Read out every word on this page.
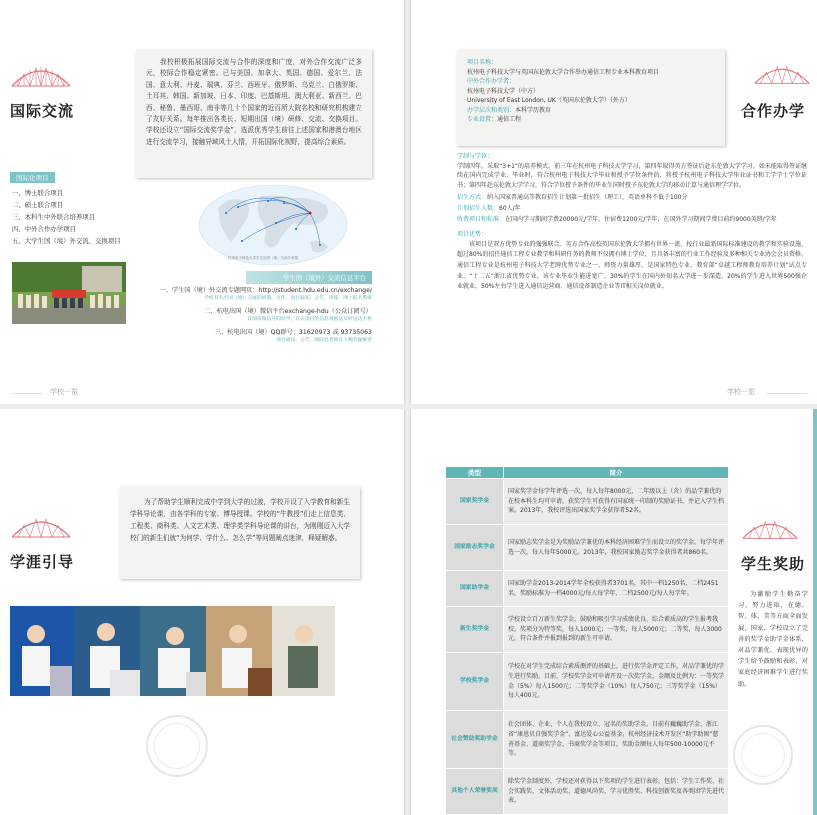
国际交流

我校积极拓展国际交流与合作的深度和广度，对外合作交流广泛多元，校际合作稳定紧密。已与美国、加拿大、英国、德国、爱尔兰、法国、意大利、丹麦、瑞典、芬兰、西班牙、俄罗斯、乌克兰、白俄罗斯、土耳其、韩国、新加坡、日本、印度、巴基斯坦、澳大利亚、新西兰、巴西、秘鲁、墨西哥、南非等几十个国家的近百所大院名校和研究机构建立了友好关系。每年推出各类长、短期出国（境）研修、交流、交换项目。学校还设立“国际交流奖学金”，选派优秀学生前往上述国家和港澳台地区进行交流学习，接触异域风土人情，开拓国际化视野，提高综合素质。

国际化项目
一、博士联合项目
二、硕士联合项目
三、本科生中外联合培养项目
四、中外合作办学项目
五、大学生国（境）外交流、交换项目
杭州电子科技大学学生出国（境）交流分布图
学生国（境外）交流信息平台
一、学生国（境）外交流专题网页：http://student.hdu.edu.cn/exchange/
学校有关出国（境）交流的政策、文件、项目通知、公告、讲座、网上报名系统
二、杭电出国（境）微信平台exchange-hdu（公众订阅号）
订阅该微信号的同学，有关项目的信息将推送及时送达手机
三、杭电出国（境）QQ群号：31620973 或 93735063
项目通知、公告，国际处老师及大咖答疑解惑
学校一览
合作办学
项目名称：
杭州电子科技大学与英国东伦敦大学合作举办通信工程专业本科教育项目
中外合作办学者：
杭州电子科技大学（中方）
University of East London, UK（英国东伦敦大学）（外方）
办学层次和类别：本科学历教育
专业设置：通信工程
学制与学位：
学制四年，采取“3+1”的培养模式。前三年在杭州电子科技大学学习，第四年取得英方签证后赴东伦敦大学学习，如未能取得签证继续在国内完成学业。毕业时，符合杭州电子科技大学毕业和授予学位条件的，将授予杭州电子科技大学毕业证书和工学学士学位证书；第四年赴东伦敦大学学习，符合学位授予条件的毕业生同时授予东伦敦大学的移动计算与通信理学学位。
招生方式：纳入国家普通高等教育招生计划第一批招生（理工），英语单科不低于100分
计划招生人数：60人/年
收费项目和标准：在国内学习期间学费20000元/学年、住宿费1200元/学年，在国外学习期间学费目前约9000英镑/学年
项目优势：
该项目是双方优势专业的强强联合。英方合作高校英国东伦敦大学拥有世界一流、按行业最新国际标准建设的教学和实验设施，超过80%的招任通信工程专业教学和科研任务的教师不仅拥有博士学位，且具备丰富的行业工作经验及多种相关专业协会会员资格。通信工程专业是杭州电子科技大学老牌优势专业之一，师资力量雄厚，是国家特色专业、教育部“卓越工程师教育培养计划”试点专业、“十二五”浙江省优势专业。该专业毕业生能进宽广，30%的学生在国内外知名大学进一步深造，20%的学生进入世界500强企业就业，50%左右学生进入通信运营商、通信设备制造企业等IT相关岗位就业。
学校一览
学涯引导

为了帮助学生顺利完成中学到大学的过渡，学校开设了入学教育和新生学科导论课，由各学科的专家、博导授课。学校的“牛教授”们走上信息类、工程类、商科类、人文艺术类、理学类学科导论课的讲台，为刚刚迈入大学校门的新生们就“为何学、学什么、怎么学”等问题阐点迷津，释疑解惑。

学生奖助
类型	简介
国家奖学金	国家奖学金每学年评选一次，每人每年8000元，二年级以上（含）的品学兼优的在校本科生均可申请，获奖学生可获得有国家统一印制的奖励证书，并记入学生档案。2013年，我校评选出国家奖学金获得者52名。
国家励志奖学金	国家励志奖学金是为奖励品学兼优的本科经济困难学生而设立的奖学金，每学年评选一次，每人每年5000元。2013年，我校国家励志奖学金获得者共860名。
国家助学金	国家助学金2013-2014学年全校获得者3701名，其中一档1250名，二档2451名，奖励标准为一档4000元/每人每学年，二档2500元/每人每学年。
新生奖学金	学校设立百万新生奖学金，鼓励和吸引学习成绩优良、综合素质高的学生报考我校。奖项分为特等奖，每人1000元；一等奖，每人5000元；二等奖，每人3000元，符合条件并报到报到的新生可申请。
学校奖学金	学校在对学生完成综合素质测评的基础上，进行奖学金评定工作，对品学兼优的学生进行奖励。目前，学校奖学金可申请开设一次奖学金，金额及比例为：一等奖学金（5%）每人1500元；二等奖学金（10%）每人750元；三等奖学金（15%）每人400元。
社会赞助奖助学金	社会团体、企业、个人在我校设立、冠名的奖助学金。目前有巍巍助学金、浙江省“康恩贝自强奖学金”、富达爱心公益基金、杭州经济技术开发区“助学助困”慈善基金、道商奖学金、书商奖学金等项目，奖助金额每人每年500-10000元不等。
其他个人荣誉奖项	除奖学金制度外，学校还对获得以下奖项的学生进行表彰，包括：学生工作奖、社会实践奖、文体活动奖、道德风尚奖、学习优胜奖、科技创新奖及各类团学先进代表。
为激励学生勤奋学习，努力进取，在德、智、体、美等方面全面发展，国家、学校设立了完善的奖学金助学金体系，对品学兼优、表现优异的学生给予鼓励和表彰，对家庭经济困难学生进行奖助。
